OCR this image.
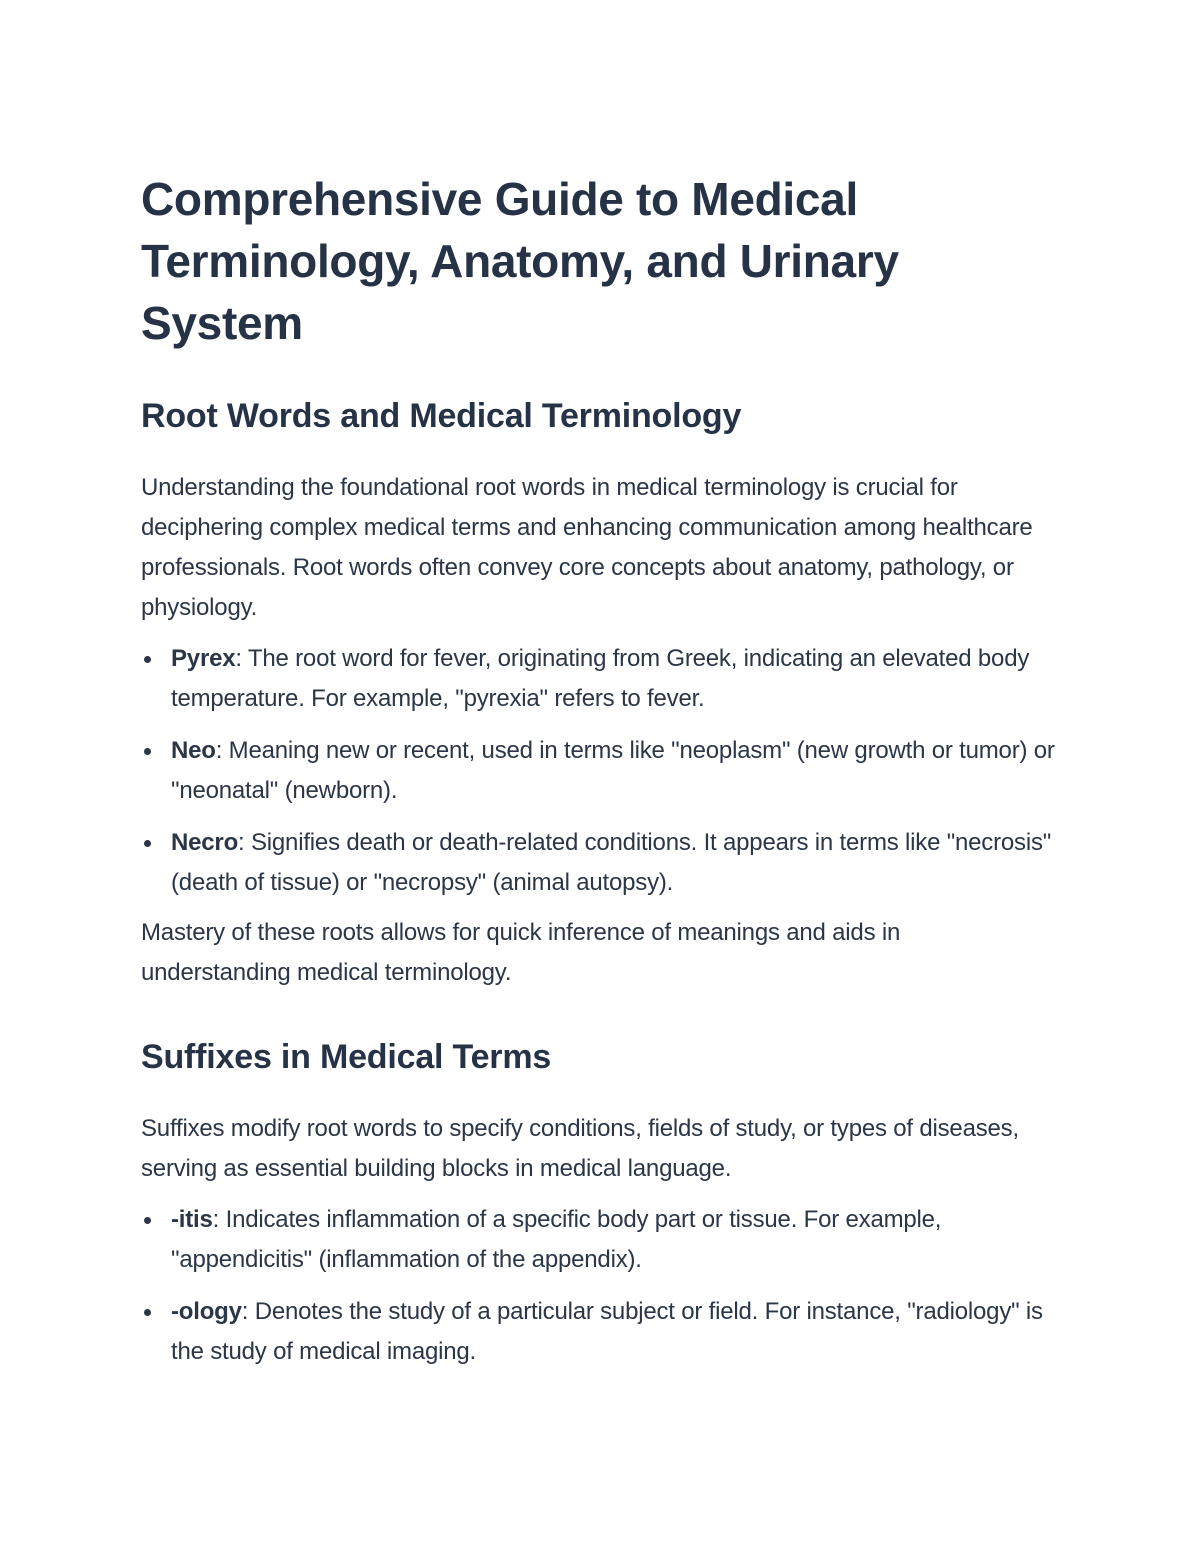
Comprehensive Guide to Medical Terminology, Anatomy, and Urinary System
Root Words and Medical Terminology

Understanding the foundational root words in medical terminology is crucial for deciphering complex medical terms and enhancing communication among healthcare professionals. Root words often convey core concepts about anatomy, pathology, or physiology.

Pyrex: The root word for fever, originating from Greek, indicating an elevated body temperature. For example, "pyrexia" refers to fever.
Neo: Meaning new or recent, used in terms like "neoplasm" (new growth or tumor) or "neonatal" (newborn).
Necro: Signifies death or death-related conditions. It appears in terms like "necrosis" (death of tissue) or "necropsy" (animal autopsy).

Mastery of these roots allows for quick inference of meanings and aids in understanding medical terminology.

Suffixes in Medical Terms

Suffixes modify root words to specify conditions, fields of study, or types of diseases, serving as essential building blocks in medical language.

-itis: Indicates inflammation of a specific body part or tissue. For example, "appendicitis" (inflammation of the appendix).
-ology: Denotes the study of a particular subject or field. For instance, "radiology" is the study of medical imaging.
